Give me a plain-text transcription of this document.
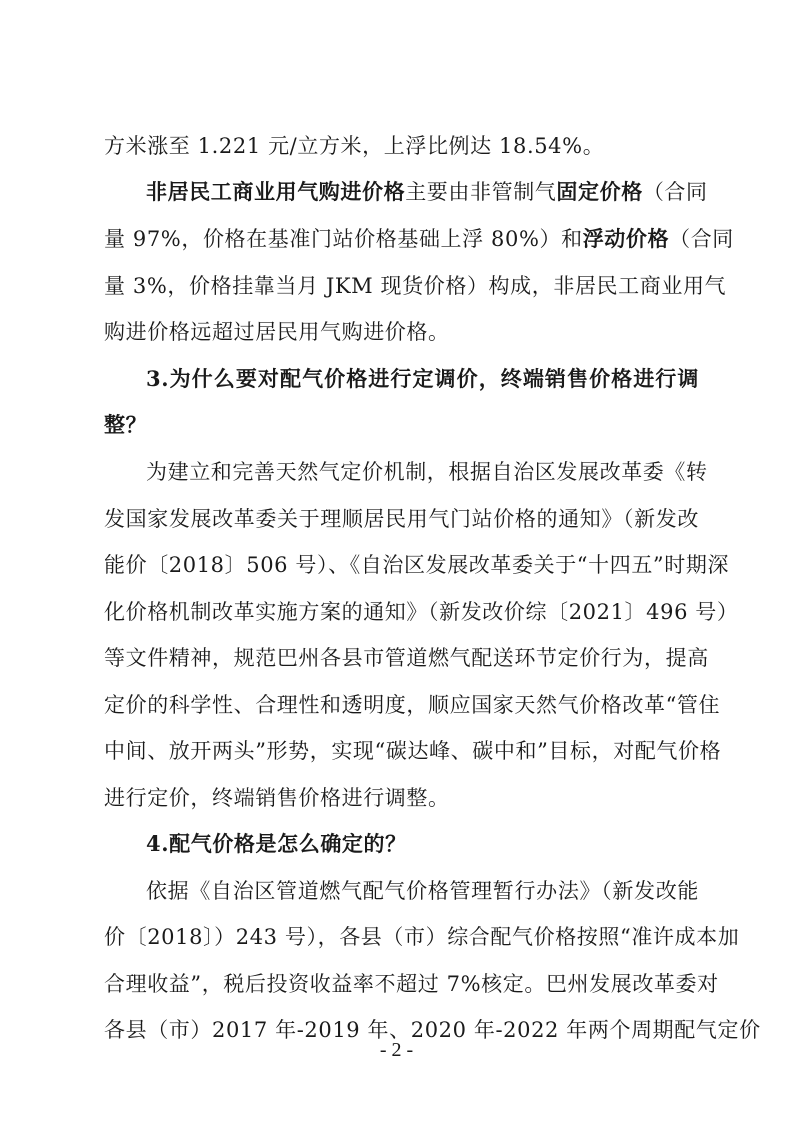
方米涨至 1.221 元/立方米，上浮比例达 18.54%。
非居民工商业用气购进价格主要由非管制气固定价格（合同
量 97%，价格在基准门站价格基础上浮 80%）和浮动价格（合同
量 3%，价格挂靠当月 JKM 现货价格）构成，非居民工商业用气
购进价格远超过居民用气购进价格。
3.为什么要对配气价格进行定调价，终端销售价格进行调
整？
为建立和完善天然气定价机制，根据自治区发展改革委《转
发国家发展改革委关于理顺居民用气门站价格的通知》（新发改
能价〔2018〕506 号）、《自治区发展改革委关于“十四五”时期深
化价格机制改革实施方案的通知》（新发改价综〔2021〕496 号）
等文件精神，规范巴州各县市管道燃气配送环节定价行为，提高
定价的科学性、合理性和透明度，顺应国家天然气价格改革“管住
中间、放开两头”形势，实现“碳达峰、碳中和”目标，对配气价格
进行定价，终端销售价格进行调整。
4.配气价格是怎么确定的？
依据《自治区管道燃气配气价格管理暂行办法》（新发改能
价〔2018〕）243 号），各县（市）综合配气价格按照“准许成本加
合理收益”，税后投资收益率不超过 7%核定。巴州发展改革委对
各县（市）2017 年-2019 年、2020 年-2022 年两个周期配气定价
- 2 -
